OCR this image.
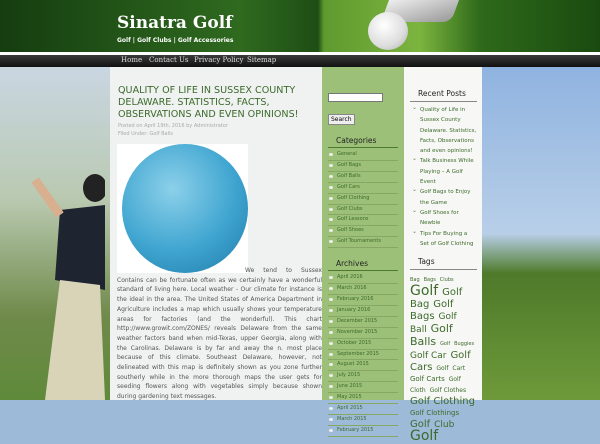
Sinatra Golf
Golf | Golf Clubs | Golf Accessories
Home Contact Us Privacy Policy Sitemap
QUALITY OF LIFE IN SUSSEX COUNTY DELAWARE. STATISTICS, FACTS, OBSERVATIONS AND EVEN OPINIONS!
Posted on April 19th, 2016 by Administrator
Filed Under: Golf Balls
We tend to Sussex Contains can be fortunate often as we certainly have a wonderful standard of living here. Local weather - Our climate for instance is the ideal in the area. The United States of America Department in Agriculture includes a map which usually shows your temperature areas for factories (and the wonderful). This chart http://www.growit.com/ZONES/ reveals Delaware from the same weather factors band when mid-Texas, upper Georgia, along with the Carolinas. Delaware is by far and away the n. most place because of this climate. Southeast Delaware, however, not delineated with this map is definitely shown as you zone further southerly while in the more thorough maps the user gets for seeding flowers along with vegetables simply because shown during gardening text messages.
Search
Categories
General
Golf Bags
Golf Balls
Golf Cars
Golf Clothing
Golf Clubs
Golf Lessons
Golf Shoes
Golf Tournaments
Archives
April 2016
March 2016
February 2016
January 2016
December 2015
November 2015
October 2015
September 2015
August 2015
July 2015
June 2015
May 2015
April 2015
March 2015
February 2015
Recent Posts
⌄ Quality of Life in Sussex County Delaware. Statistics, Facts, Observations and even opinions!
⌄ Talk Business While Playing – A Golf Event
⌄ Golf Bags to Enjoy the Game
⌄ Golf Shoes for Newbie
⌄ Tips For Buying a Set of Golf Clothing
Tags
Bag Bags Clubs Golf Golf Bag Golf Bags Golf Ball Golf Balls Golf Buggies Golf Car Golf Cars Golf Cart Golf Carts Golf Cloth Golf Clothes Golf Clothing Golf Clothings Golf Club Golf
